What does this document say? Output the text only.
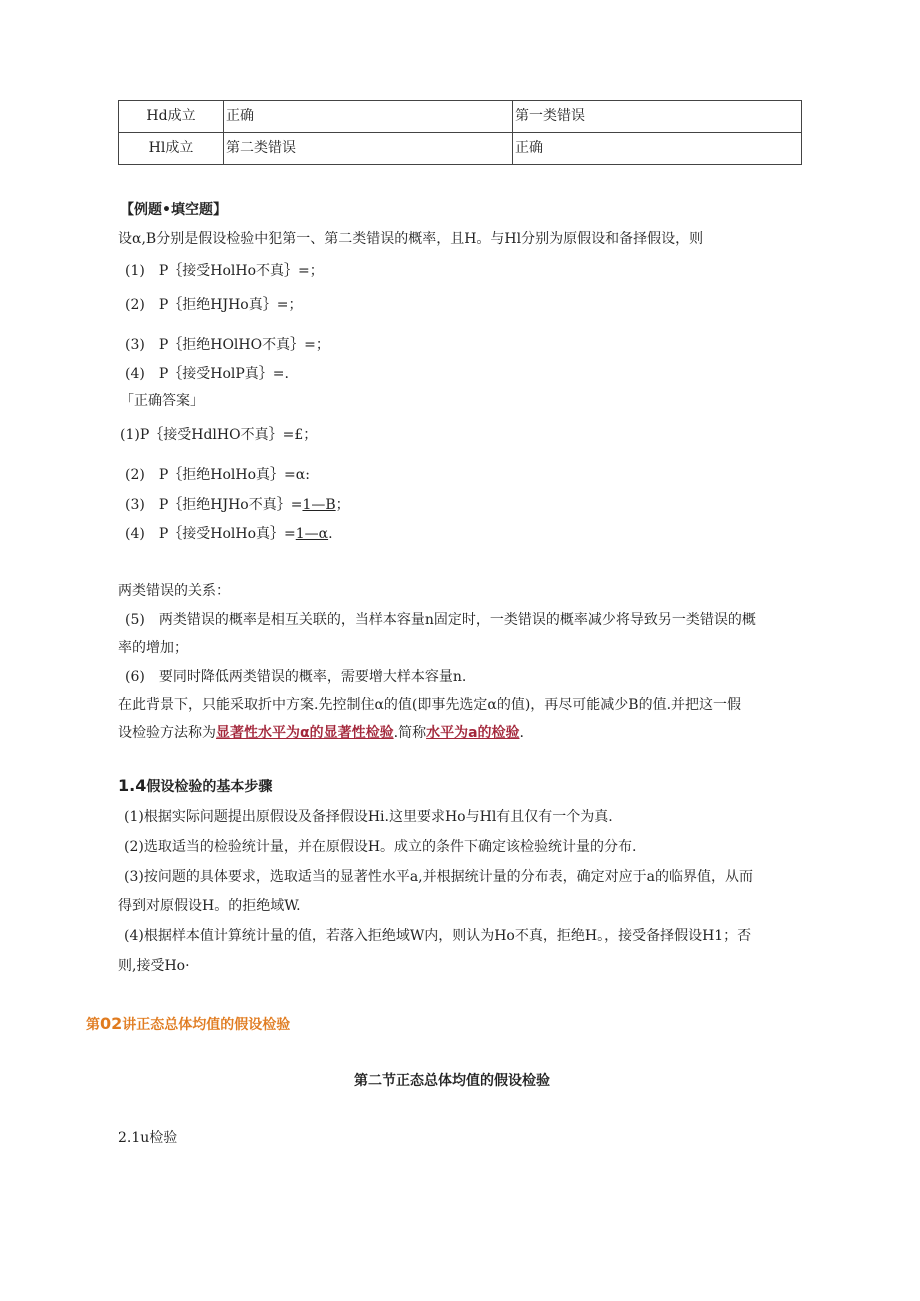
Hd成立	正确	第一类错误
Hl成立	第二类错误	正确
【例题•填空题】
设α,B分别是假设检验中犯第一、第二类错误的概率，且H。与Hl分别为原假设和备择假设，则
(1)　P｛接受HolHo不真｝=；
(2)　P｛拒绝HJHo真｝=；
(3)　P｛拒绝HOlHO不真｝=；
(4)　P｛接受HolP真｝=.
「正确答案」
(1)P｛接受HdlHO不真｝=£；
(2)　P｛拒绝HolHo真｝=α:
(3)　P｛拒绝HJHo不真｝=1—B；
(4)　P｛接受HolHo真｝=1—α.
两类错误的关系：
(5)　两类错误的概率是相互关联的，当样本容量n固定时，一类错误的概率减少将导致另一类错误的概
率的增加；
(6)　要同时降低两类错误的概率，需要增大样本容量n.
在此背景下，只能采取折中方案.先控制住α的值(即事先选定α的值)，再尽可能减少B的值.并把这一假
设检验方法称为显著性水平为α的显著性检验.简称水平为a的检验.
1.4假设检验的基本步骤
(1)根据实际问题提出原假设及备择假设Hi.这里要求Ho与Hl有且仅有一个为真.
(2)选取适当的检验统计量，并在原假设H。成立的条件下确定该检验统计量的分布.
(3)按问题的具体要求，选取适当的显著性水平a,并根据统计量的分布表，确定对应于a的临界值，从而
得到对原假设H。的拒绝域W.
(4)根据样本值计算统计量的值，若落入拒绝域W内，则认为Ho不真，拒绝H。，接受备择假设H1；否
则,接受Ho·
第02讲正态总体均值的假设检验
第二节正态总体均值的假设检验
2.1u检验
